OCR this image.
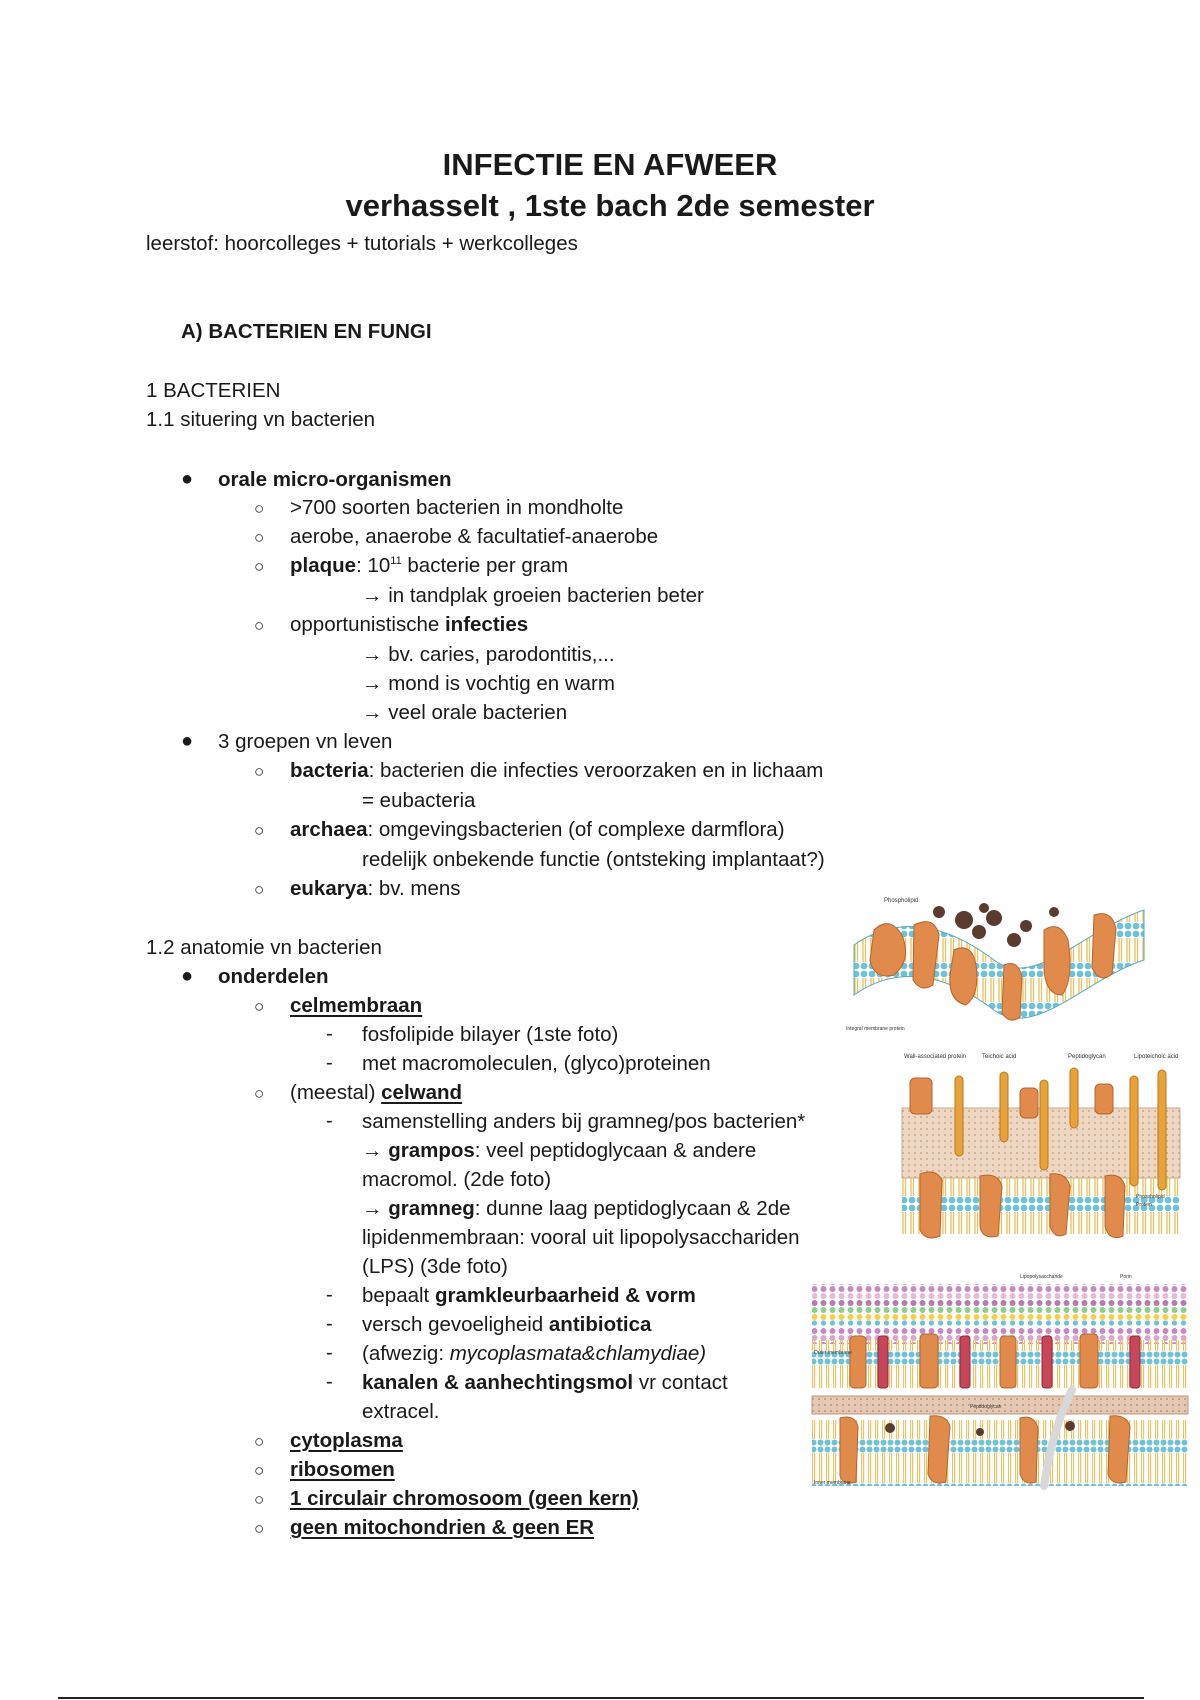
INFECTIE EN AFWEER
verhasselt , 1ste bach 2de semester
leerstof: hoorcolleges + tutorials + werkcolleges
A) BACTERIEN EN FUNGI
1 BACTERIEN
1.1 situering vn bacterien
● orale micro-organismen
○ >700 soorten bacterien in mondholte
○ aerobe, anaerobe & facultatief-anaerobe
○ plaque: $10^{11}$ bacterie per gram
→ in tandplak groeien bacterien beter
○ opportunistische infecties
→ bv. caries, parodontitis,...
→ mond is vochtig en warm
→ veel orale bacterien
● 3 groepen vn leven
○ bacteria: bacterien die infecties veroorzaken en in lichaam
= eubacteria
○ archaea: omgevingsbacterien (of complexe darmflora)
redelijk onbekende functie (ontsteking implantaat?)
○ eukarya: bv. mens
1.2 anatomie vn bacterien
● onderdelen
○ celmembraan
- fosfolipide bilayer (1ste foto)
- met macromoleculen, (glyco)proteinen
○ (meestal) celwand
- samenstelling anders bij gramneg/pos bacterien*
→ grampos: veel peptidoglycaan & andere
macromol. (2de foto)
→ gramneg: dunne laag peptidoglycaan & 2de
lipidenmembraan: vooral uit lipopolysacchariden
(LPS) (3de foto)
- bepaalt gramkleurbaarheid & vorm
- versch gevoeligheid antibiotica
- (afwezig: mycoplasmata&chlamydiae)
- kanalen & aanhechtingsmol vr contact
extracel.
○ cytoplasma
○ ribosomen
○ 1 circulair chromosoom (geen kern)
○ geen mitochondrien & geen ER
Phospholipid
Integral membrane protein
Wall-associated protein	Teichoic acid	Peptidoglycan	Lipoteichoic acid
Phospholipid
Protein
Lipopolysaccharide	Porin
Outer membrane
Peptidoglycan
Inner membrane
